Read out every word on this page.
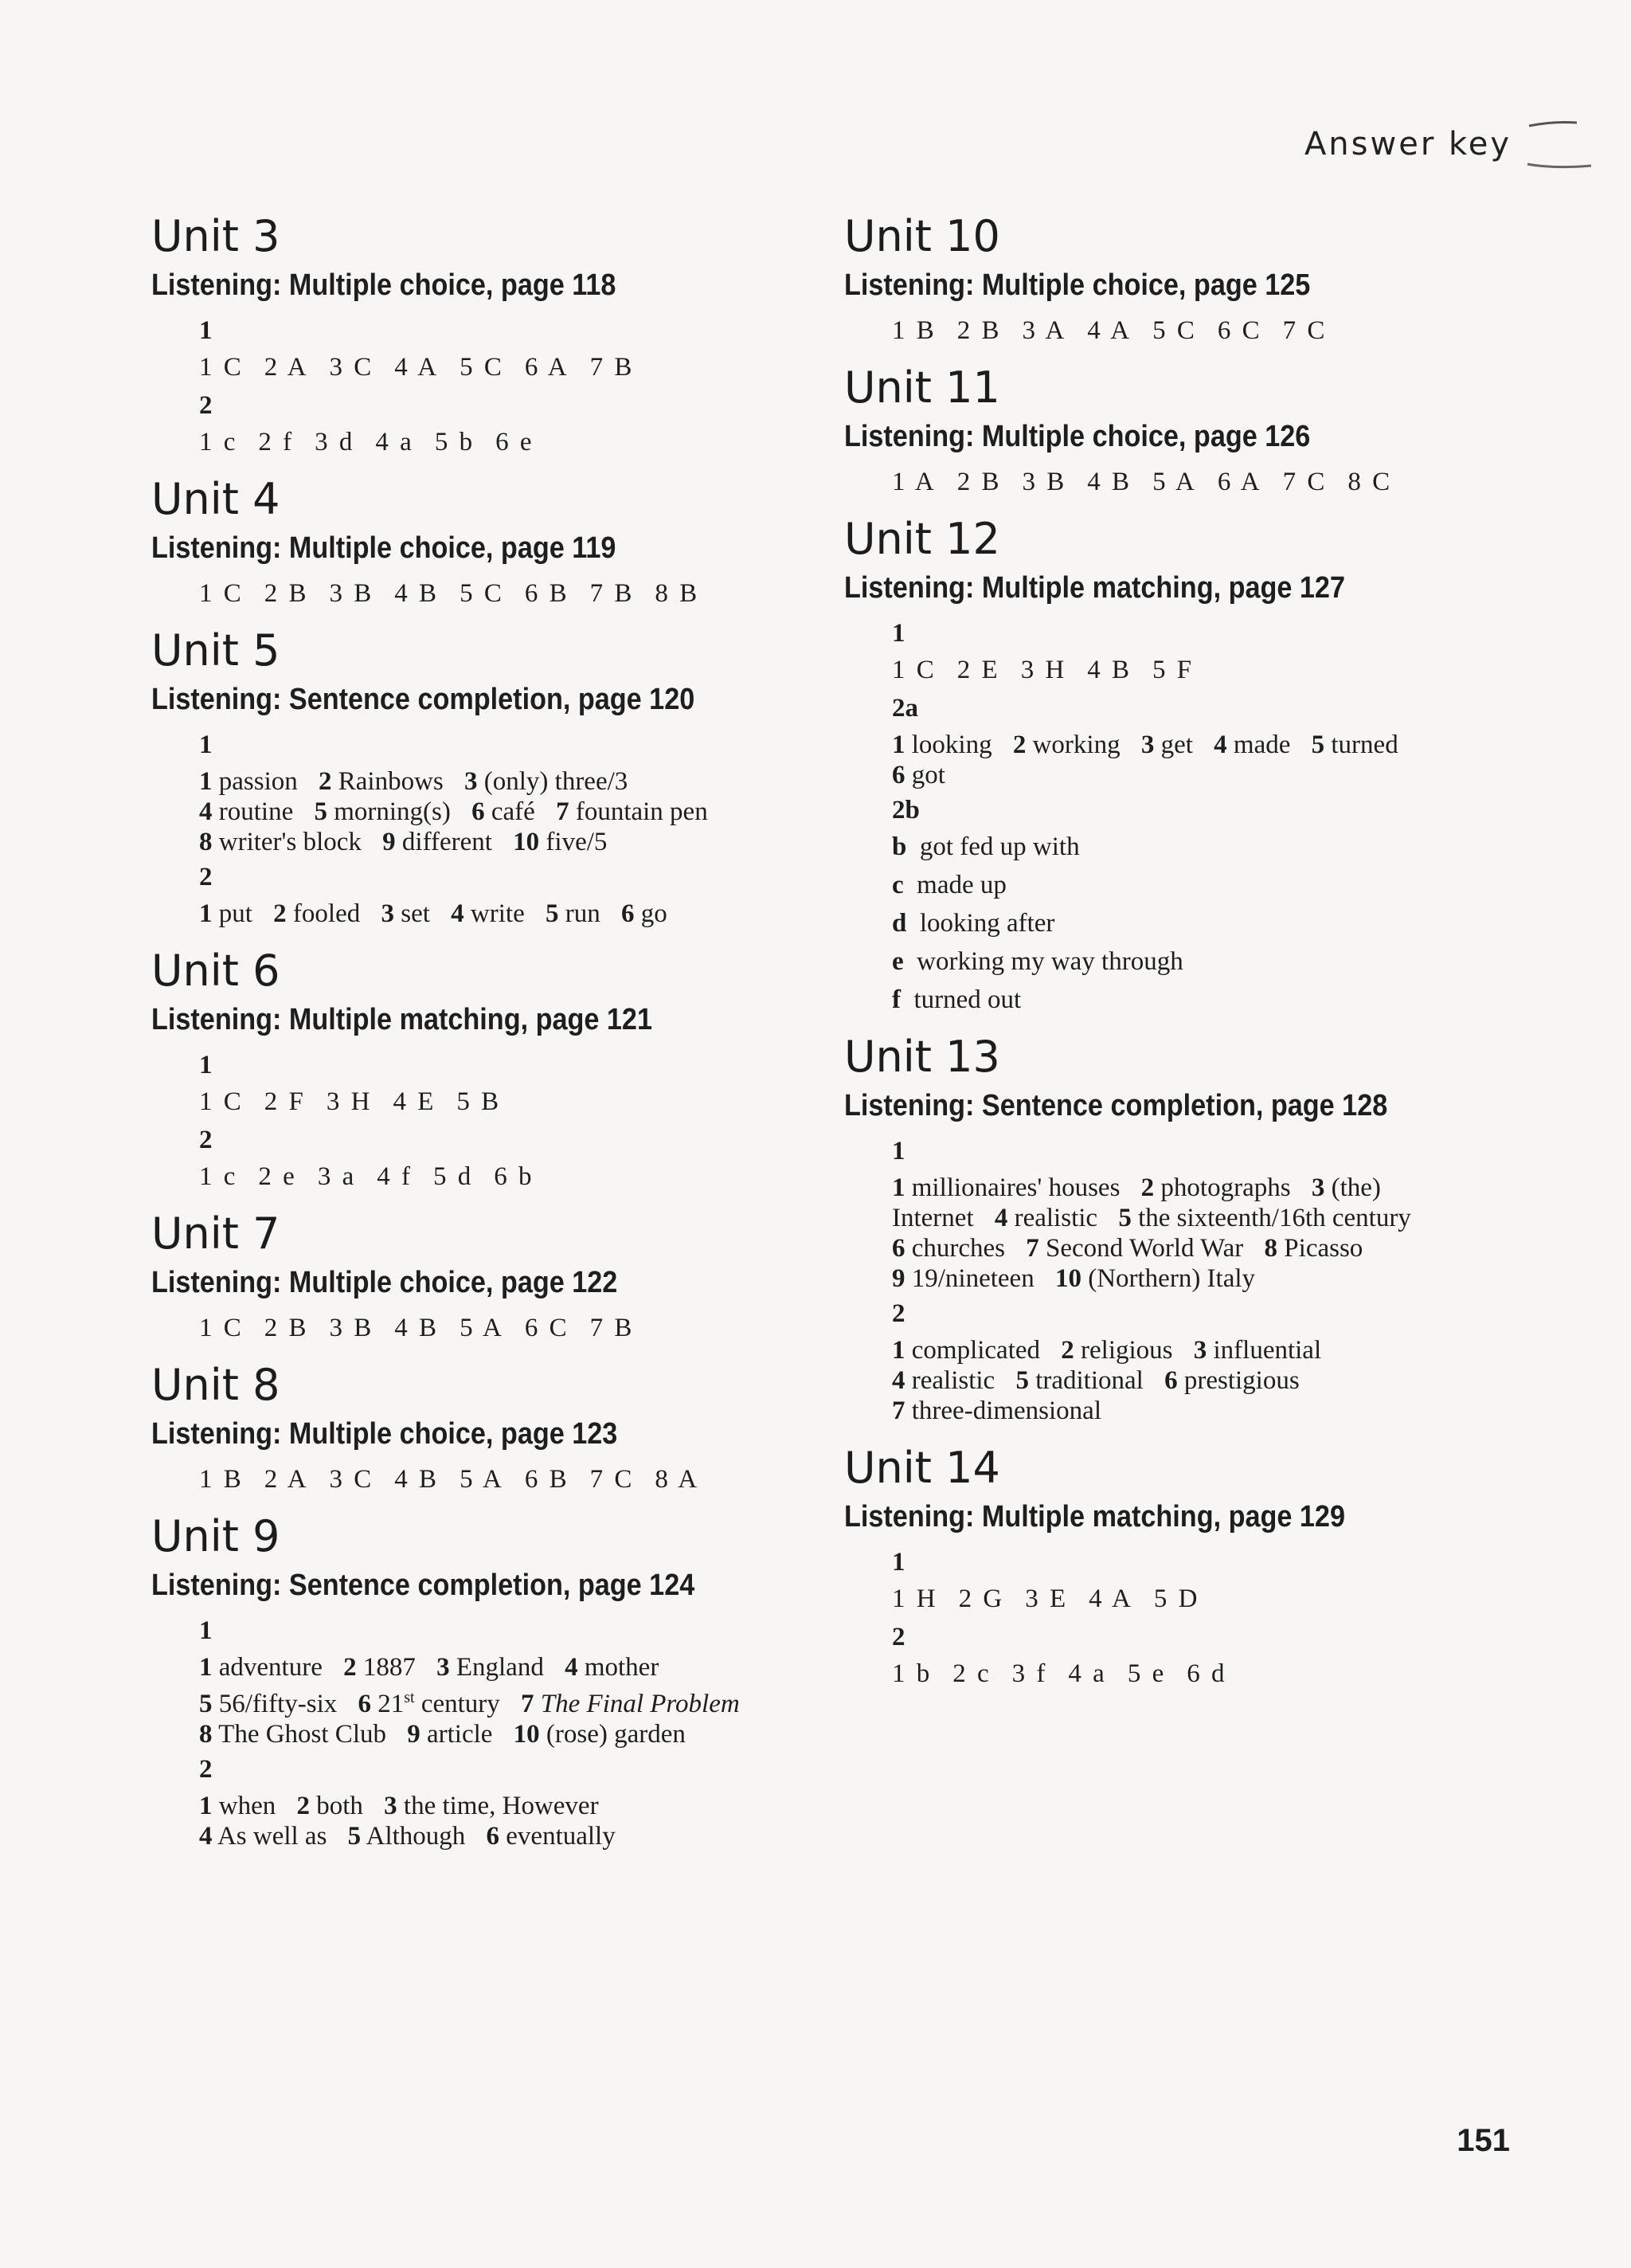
Answer key
Unit 3
Listening: Multiple choice, page 118
1
1 C 2 A 3 C 4 A 5 C 6 A 7 B
2
1 c 2 f 3 d 4 a 5 b 6 e
Unit 4
Listening: Multiple choice, page 119
1 C 2 B 3 B 4 B 5 C 6 B 7 B 8 B
Unit 5
Listening: Sentence completion, page 120
1
1 passion 2 Rainbows 3 (only) three/3
4 routine 5 morning(s) 6 café 7 fountain pen
8 writer's block 9 different 10 five/5
2
1 put 2 fooled 3 set 4 write 5 run 6 go
Unit 6
Listening: Multiple matching, page 121
1
1 C 2 F 3 H 4 E 5 B
2
1 c 2 e 3 a 4 f 5 d 6 b
Unit 7
Listening: Multiple choice, page 122
1 C 2 B 3 B 4 B 5 A 6 C 7 B
Unit 8
Listening: Multiple choice, page 123
1 B 2 A 3 C 4 B 5 A 6 B 7 C 8 A
Unit 9
Listening: Sentence completion, page 124
1
1 adventure 2 1887 3 England 4 mother
5 56/fifty-six 6 21st century 7 The Final Problem
8 The Ghost Club 9 article 10 (rose) garden
2
1 when 2 both 3 the time, However
4 As well as 5 Although 6 eventually
Unit 10
Listening: Multiple choice, page 125
1 B 2 B 3 A 4 A 5 C 6 C 7 C
Unit 11
Listening: Multiple choice, page 126
1 A 2 B 3 B 4 B 5 A 6 A 7 C 8 C
Unit 12
Listening: Multiple matching, page 127
1
1 C 2 E 3 H 4 B 5 F
2a
1 looking 2 working 3 get 4 made 5 turned
6 got
2b
b got fed up with
c made up
d looking after
e working my way through
f turned out
Unit 13
Listening: Sentence completion, page 128
1
1 millionaires' houses 2 photographs 3 (the)
Internet 4 realistic 5 the sixteenth/16th century
6 churches 7 Second World War 8 Picasso
9 19/nineteen 10 (Northern) Italy
2
1 complicated 2 religious 3 influential
4 realistic 5 traditional 6 prestigious
7 three-dimensional
Unit 14
Listening: Multiple matching, page 129
1
1 H 2 G 3 E 4 A 5 D
2
1 b 2 c 3 f 4 a 5 e 6 d
151
